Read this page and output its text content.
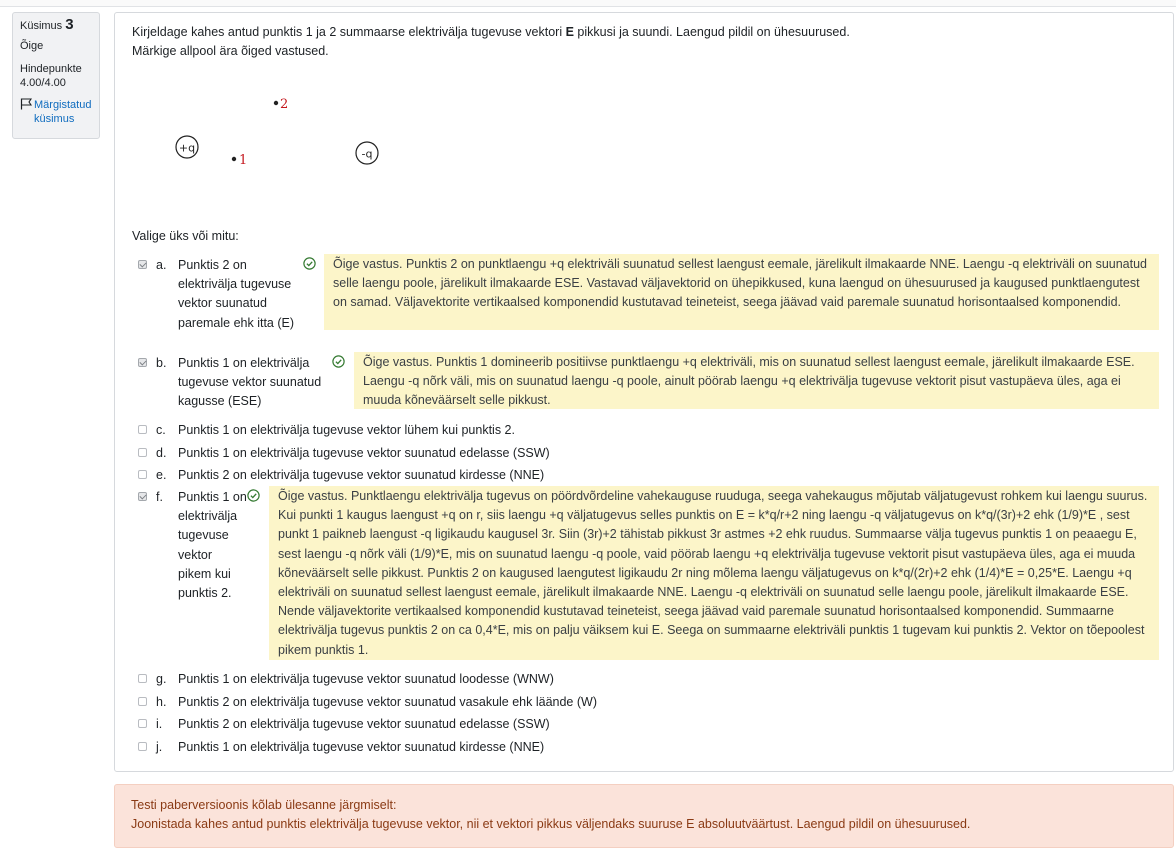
Küsimus 3
Õige
Hindepunkte
4.00/4.00
Märgistatud küsimus

Kirjeldage kahes antud punktis 1 ja 2 summaarse elektrivälja tugevuse vektori E pikkusi ja suundi. Laengud pildil on ühesuurused.

Märkige allpool ära õiged vastused.

+q	-q
1
2
Valige üks või mitu:
a. Punktis 2 on elektrivälja tugevuse vektor suunatud paremale ehk itta (E)
Õige vastus. Punktis 2 on punktlaengu +q elektriväli suunatud sellest laengust eemale, järelikult ilmakaarde NNE. Laengu -q elektriväli on suunatud selle laengu poole, järelikult ilmakaarde ESE. Vastavad väljavektorid on ühepikkused, kuna laengud on ühesuurused ja kaugused punktlaengutest on samad. Väljavektorite vertikaalsed komponendid kustutavad teineteist, seega jäävad vaid paremale suunatud horisontaalsed komponendid.
b. Punktis 1 on elektrivälja tugevuse vektor suunatud kagusse (ESE)
Õige vastus. Punktis 1 domineerib positiivse punktlaengu +q elektriväli, mis on suunatud sellest laengust eemale, järelikult ilmakaarde ESE. Laengu -q nõrk väli, mis on suunatud laengu -q poole, ainult pöörab laengu +q elektrivälja tugevuse vektorit pisut vastupäeva üles, aga ei muuda kõneväärselt selle pikkust.
c. Punktis 1 on elektrivälja tugevuse vektor lühem kui punktis 2.
d. Punktis 1 on elektrivälja tugevuse vektor suunatud edelasse (SSW)
e. Punktis 2 on elektrivälja tugevuse vektor suunatud kirdesse (NNE)
f. Punktis 1 on elektrivälja tugevuse vektor pikem kui punktis 2.
Õige vastus. Punktlaengu elektrivälja tugevus on pöördvõrdeline vahekauguse ruuduga, seega vahekaugus mõjutab väljatugevust rohkem kui laengu suurus. Kui punkti 1 kaugus laengust +q on r, siis laengu +q väljatugevus selles punktis on E = k*q/r+2 ning laengu -q väljatugevus on k*q/(3r)+2 ehk (1/9)*E , sest punkt 1 paikneb laengust -q ligikaudu kaugusel 3r. Siin (3r)+2 tähistab pikkust 3r astmes +2 ehk ruudus. Summaarse välja tugevus punktis 1 on peaaegu E, sest laengu -q nõrk väli (1/9)*E, mis on suunatud laengu -q poole, vaid pöörab laengu +q elektrivälja tugevuse vektorit pisut vastupäeva üles, aga ei muuda kõneväärselt selle pikkust. Punktis 2 on kaugused laengutest ligikaudu 2r ning mõlema laengu väljatugevus on k*q/(2r)+2 ehk (1/4)*E = 0,25*E. Laengu +q elektriväli on suunatud sellest laengust eemale, järelikult ilmakaarde NNE. Laengu -q elektriväli on suunatud selle laengu poole, järelikult ilmakaarde ESE. Nende väljavektorite vertikaalsed komponendid kustutavad teineteist, seega jäävad vaid paremale suunatud horisontaalsed komponendid. Summaarne elektrivälja tugevus punktis 2 on ca 0,4*E, mis on palju väiksem kui E. Seega on summaarne elektriväli punktis 1 tugevam kui punktis 2. Vektor on tõepoolest pikem punktis 1.
g. Punktis 1 on elektrivälja tugevuse vektor suunatud loodesse (WNW)
h. Punktis 2 on elektrivälja tugevuse vektor suunatud vasakule ehk läände (W)
i. Punktis 2 on elektrivälja tugevuse vektor suunatud edelasse (SSW)
j. Punktis 1 on elektrivälja tugevuse vektor suunatud kirdesse (NNE)

Testi paberversioonis kõlab ülesanne järgmiselt:

Joonistada kahes antud punktis elektrivälja tugevuse vektor, nii et vektori pikkus väljendaks suuruse E absoluutväärtust. Laengud pildil on ühesuurused.
